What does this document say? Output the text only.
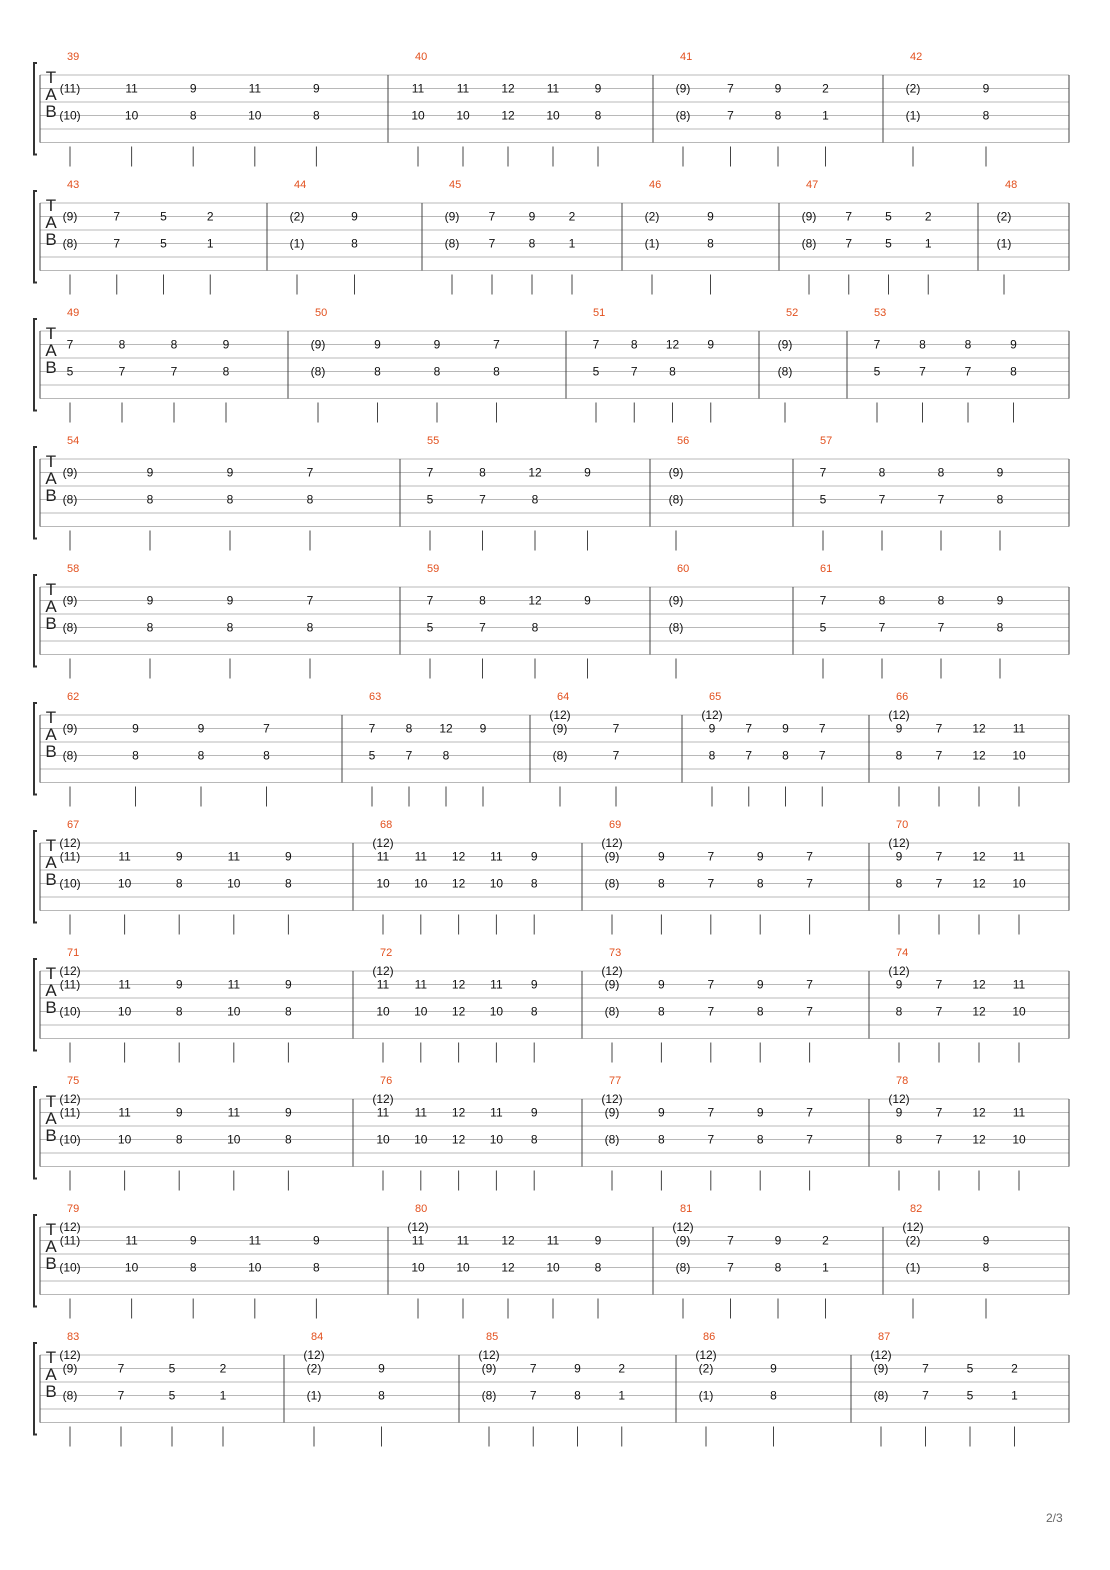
T
A
B
39
(11)
(10)
11
10
9
8
11
10
9
8
40
11
10
11
10
12
12
11
10
9
8
41
(9)
(8)
7
7
9
8
2
1
42
(2)
(1)
9
8
T
A
B
43
(9)
(8)
7
7
5
5
2
1
44
(2)
(1)
9
8
45
(9)
(8)
7
7
9
8
2
1
46
(2)
(1)
9
8
47
(9)
(8)
7
7
5
5
2
1
48
(2)
(1)
T
A
B
49
7
5
8
7
8
7
9
8
50
(9)
(8)
9
8
9
8
7
8
51
7
5
8
7
12
8
9
52
(9)
(8)
53
7
5
8
7
8
7
9
8
T
A
B
54
(9)
(8)
9
8
9
8
7
8
55
7
5
8
7
12
8
9
56
(9)
(8)
57
7
5
8
7
8
7
9
8
T
A
B
58
(9)
(8)
9
8
9
8
7
8
59
7
5
8
7
12
8
9
60
(9)
(8)
61
7
5
8
7
8
7
9
8
T
A
B
62
(9)
(8)
9
8
9
8
7
8
63
7
5
8
7
12
8
9
64
(9)
(8)
7
7
(12)
65
9
8
7
7
9
8
7
7
(12)
66
9
8
7
7
12
12
11
10
(12)
T
A
B
67
(11)
(10)
11
10
9
8
11
10
9
8
(12)
68
11
10
11
10
12
12
11
10
9
8
(12)
69
(9)
(8)
9
8
7
7
9
8
7
7
(12)
70
9
8
7
7
12
12
11
10
(12)
T
A
B
71
(11)
(10)
11
10
9
8
11
10
9
8
(12)
72
11
10
11
10
12
12
11
10
9
8
(12)
73
(9)
(8)
9
8
7
7
9
8
7
7
(12)
74
9
8
7
7
12
12
11
10
(12)
T
A
B
75
(11)
(10)
11
10
9
8
11
10
9
8
(12)
76
11
10
11
10
12
12
11
10
9
8
(12)
77
(9)
(8)
9
8
7
7
9
8
7
7
(12)
78
9
8
7
7
12
12
11
10
(12)
T
A
B
79
(11)
(10)
11
10
9
8
11
10
9
8
(12)
80
11
10
11
10
12
12
11
10
9
8
(12)
81
(9)
(8)
7
7
9
8
2
1
(12)
82
(2)
(1)
9
8
(12)
T
A
B
83
(9)
(8)
7
7
5
5
2
1
(12)
84
(2)
(1)
9
8
(12)
85
(9)
(8)
7
7
9
8
2
1
(12)
86
(2)
(1)
9
8
(12)
87
(9)
(8)
7
7
5
5
2
1
(12)
2/3
